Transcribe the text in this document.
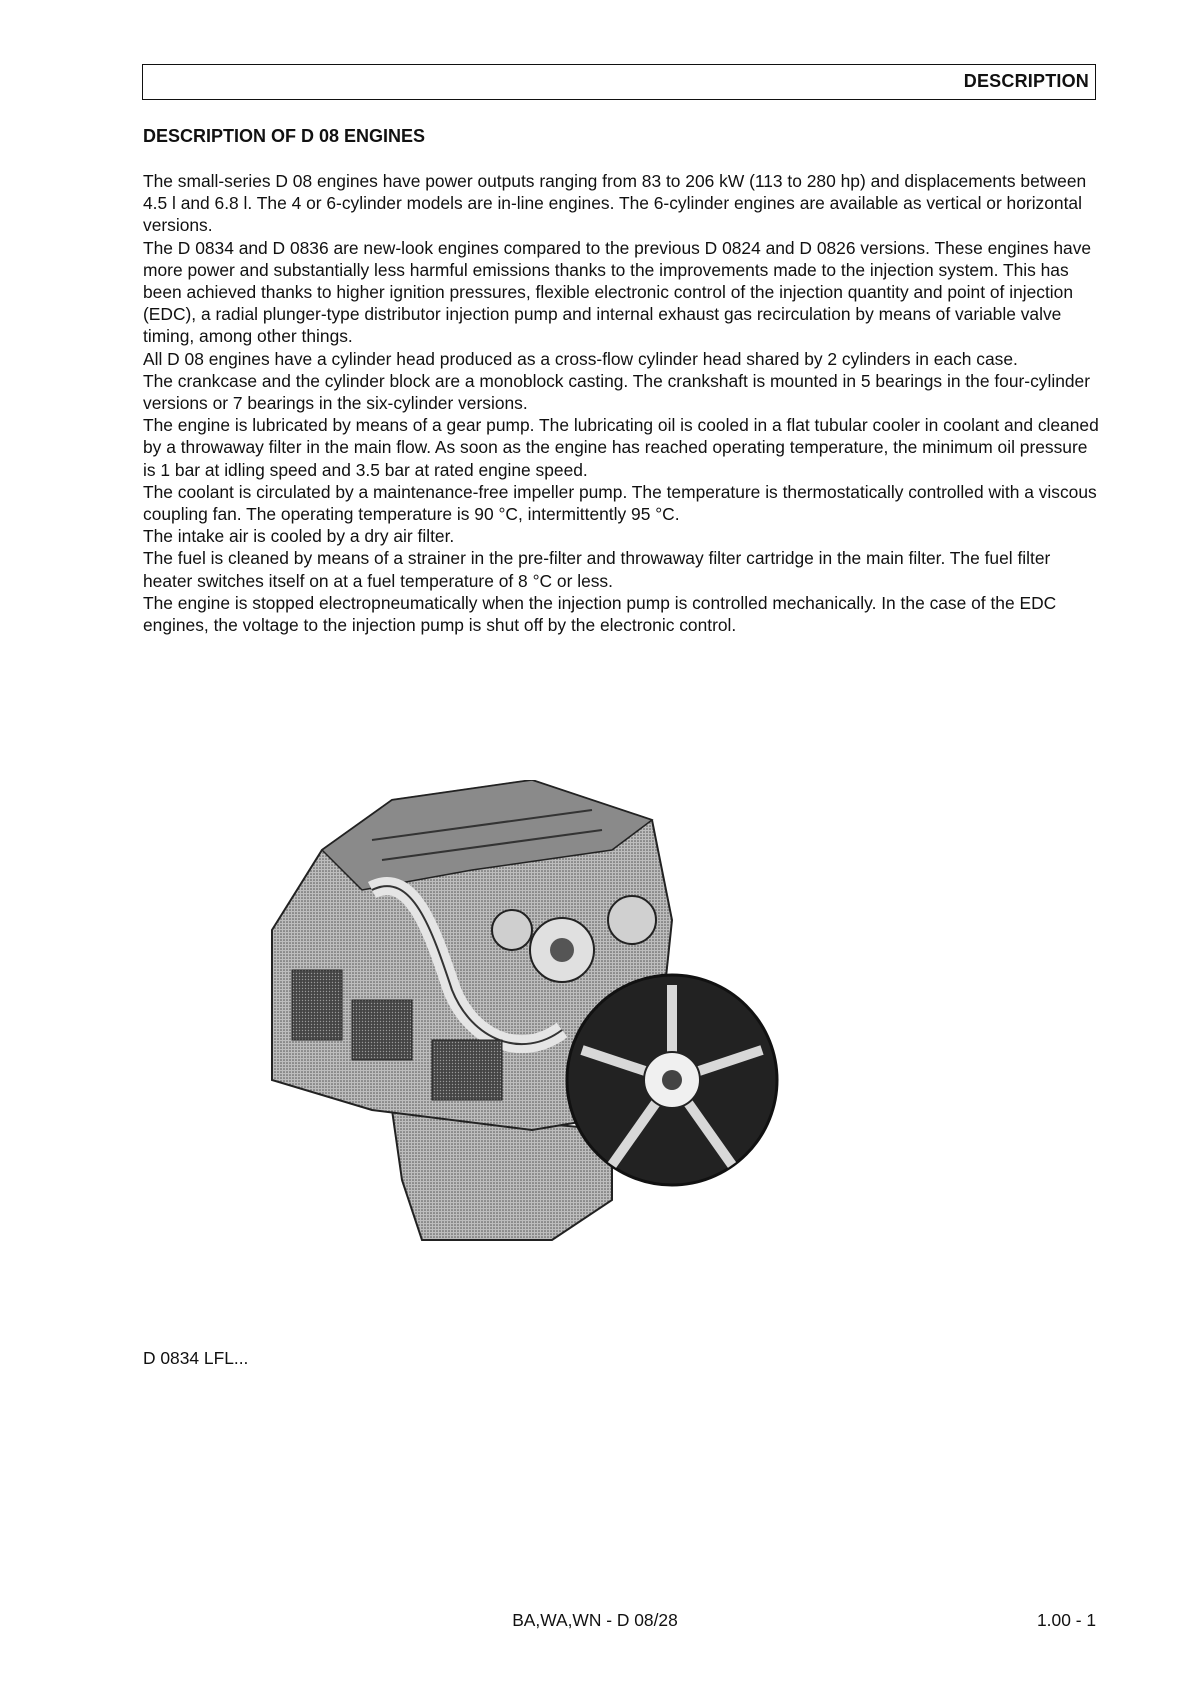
DESCRIPTION
DESCRIPTION OF D 08 ENGINES

The small-series D 08 engines have power outputs ranging from 83 to 206 kW (113 to 280 hp) and displacements between 4.5 l and 6.8 l. The 4 or 6-cylinder models are in-line engines. The 6-cylinder engines are available as vertical or horizontal versions.

The D 0834 and D 0836 are new-look engines compared to the previous D 0824 and D 0826 versions. These engines have more power and substantially less harmful emissions thanks to the improvements made to the injection system. This has been achieved thanks to higher ignition pressures, flexible electronic control of the injection quantity and point of injection (EDC), a radial plunger-type distributor injection pump and internal exhaust gas recirculation by means of variable valve timing, among other things.

All D 08 engines have a cylinder head produced as a cross-flow cylinder head shared by 2 cylinders in each case.

The crankcase and the cylinder block are a monoblock casting. The crankshaft is mounted in 5 bearings in the four-cylinder versions or 7 bearings in the six-cylinder versions.

The engine is lubricated by means of a gear pump. The lubricating oil is cooled in a flat tubular cooler in coolant and cleaned by a throwaway filter in the main flow. As soon as the engine has reached operating temperature, the minimum oil pressure is 1 bar at idling speed and 3.5 bar at rated engine speed.

The coolant is circulated by a maintenance-free impeller pump. The temperature is thermostatically controlled with a viscous coupling fan. The operating temperature is 90 °C, intermittently 95 °C.

The intake air is cooled by a dry air filter.

The fuel is cleaned by means of a strainer in the pre-filter and throwaway filter cartridge in the main filter. The fuel filter heater switches itself on at a fuel temperature of 8 °C or less.

The engine is stopped electropneumatically when the injection pump is controlled mechanically. In the case of the EDC engines, the voltage to the injection pump is shut off by the electronic control.

D 0834 LFL...
BA,WA,WN - D 08/28	1.00 - 1
